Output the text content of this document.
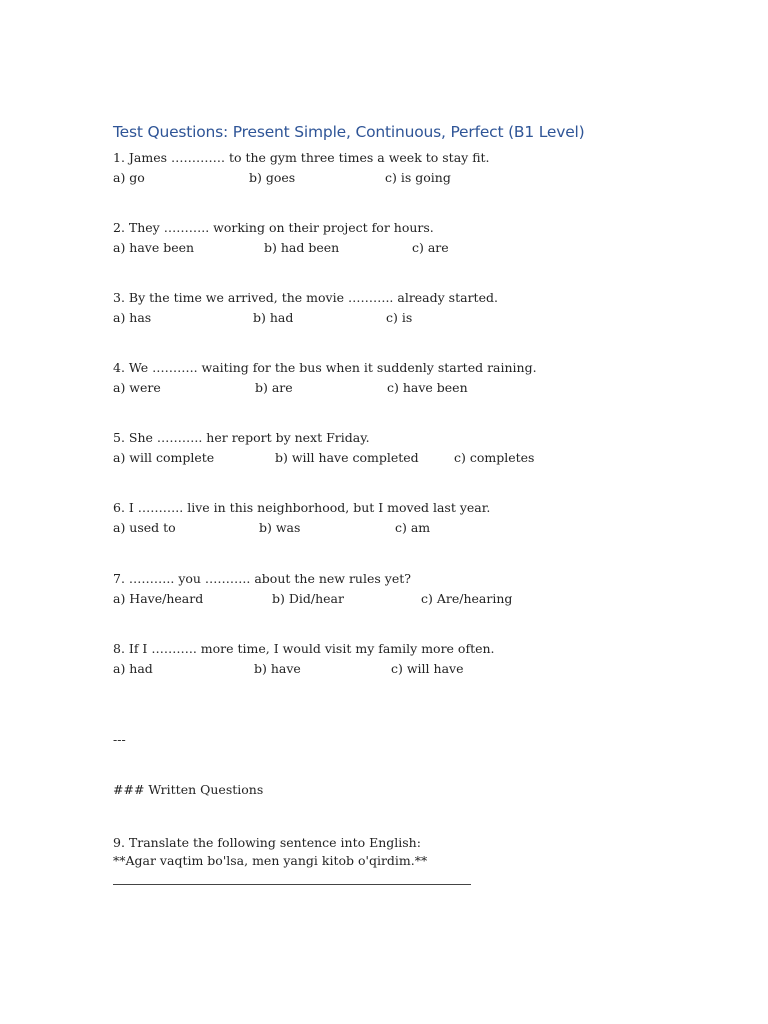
Test Questions: Present Simple, Continuous, Perfect (B1 Level)
1. James …………. to the gym three times a week to stay fit.
a) go	b) goes	c) is going
2. They ……….. working on their project for hours.
a) have been	b) had been	c) are
3. By the time we arrived, the movie ……….. already started.
a) has	b) had	c) is
4. We ……….. waiting for the bus when it suddenly started raining.
a) were	b) are	c) have been
5. She ……….. her report by next Friday.
a) will complete	b) will have completed	c) completes
6. I ……….. live in this neighborhood, but I moved last year.
a) used to	b) was	c) am
7. ……….. you ……….. about the new rules yet?
a) Have/heard	b) Did/hear	c) Are/hearing
8. If I ……….. more time, I would visit my family more often.
a) had	b) have	c) will have
---
### Written Questions
9. Translate the following sentence into English:
**Agar vaqtim bo'lsa, men yangi kitob o'qirdim.**
